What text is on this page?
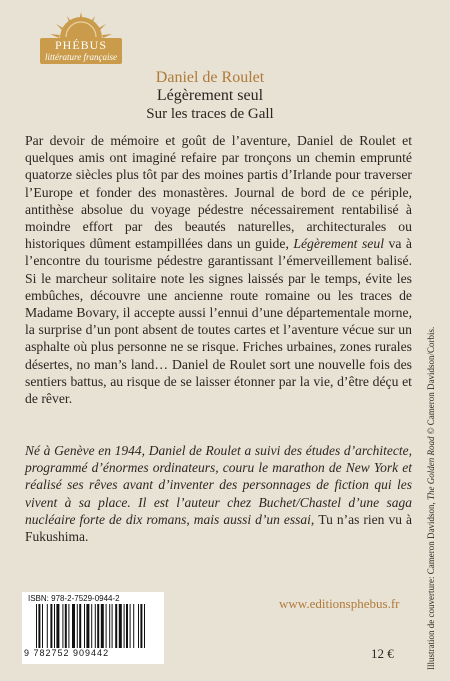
PHÉBUS
littérature française
Daniel de Roulet
Légèrement seul
Sur les traces de Gall
Par devoir de mémoire et goût de l’aventure, Daniel de Roulet et quelques amis ont imaginé refaire par tronçons un chemin emprunté quatorze siècles plus tôt par des moines partis d’Irlande pour traverser l’Europe et fonder des monastères. Journal de bord de ce périple, antithèse absolue du voyage pédestre nécessairement rentabilisé à moindre effort par des beautés naturelles, architecturales ou historiques dûment estampillées dans un guide, Légèrement seul va à l’encontre du tourisme pédestre garantissant l’émerveillement balisé. Si le marcheur solitaire note les signes laissés par le temps, évite les embûches, découvre une ancienne route romaine ou les traces de Madame Bovary, il accepte aussi l’ennui d’une départementale morne, la surprise d’un pont absent de toutes cartes et l’aventure vécue sur un asphalte où plus personne ne se risque. Friches urbaines, zones rurales désertes, no man’s land… Daniel de Roulet sort une nouvelle fois des sentiers battus, au risque de se laisser étonner par la vie, d’être déçu et de rêver.
Né à Genève en 1944, Daniel de Roulet a suivi des études d’architecte, programmé d’énormes ordinateurs, couru le marathon de New York et réalisé ses rêves avant d’inventer des personnages de fiction qui les vivent à sa place. Il est l’auteur chez Buchet/Chastel d’une saga nucléaire forte de dix romans, mais aussi d’un essai, Tu n’as rien vu à Fukushima.	Illustration de couverture: Cameron Davidson, The Golden Road © Cameron Davidson/Corbis.
ISBN: 978-2-7529-0944-2
9 782752 909442
www.editionsphebus.fr
12 €
